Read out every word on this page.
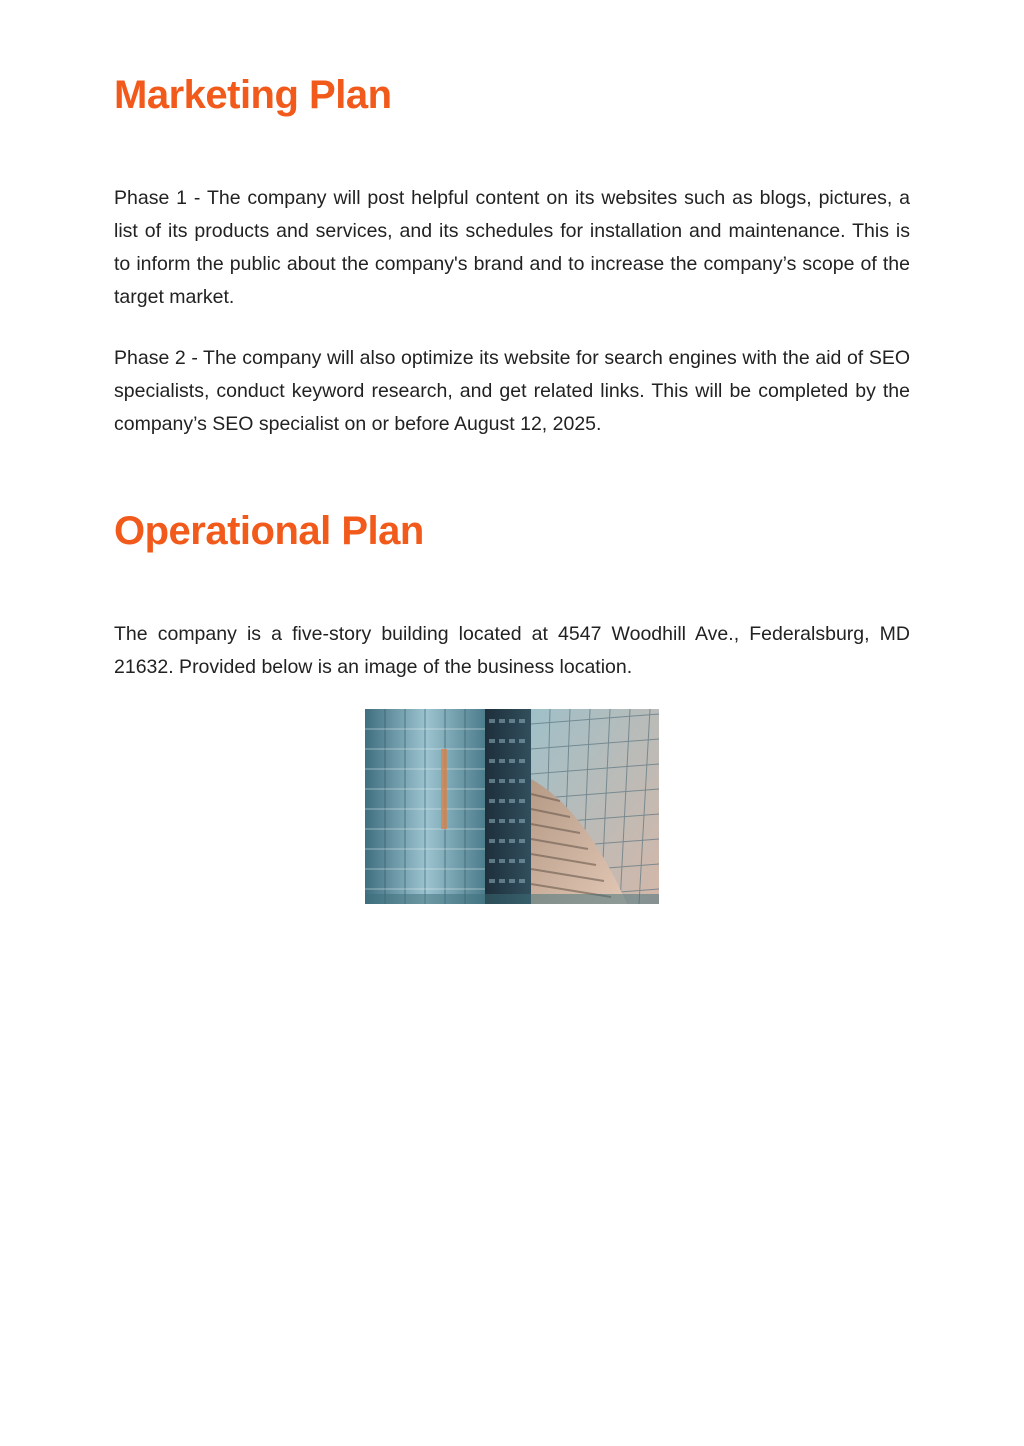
Marketing Plan

Phase 1 - The company will post helpful content on its websites such as blogs, pictures, a list of its products and services, and its schedules for installation and maintenance. This is to inform the public about the company's brand and to increase the company’s scope of the target market.

Phase 2 - The company will also optimize its website for search engines with the aid of SEO specialists, conduct keyword research, and get related links. This will be completed by the company’s SEO specialist on or before August 12, 2025.

Operational Plan

The company is a five-story building located at 4547 Woodhill Ave., Federalsburg, MD 21632. Provided below is an image of the business location.
